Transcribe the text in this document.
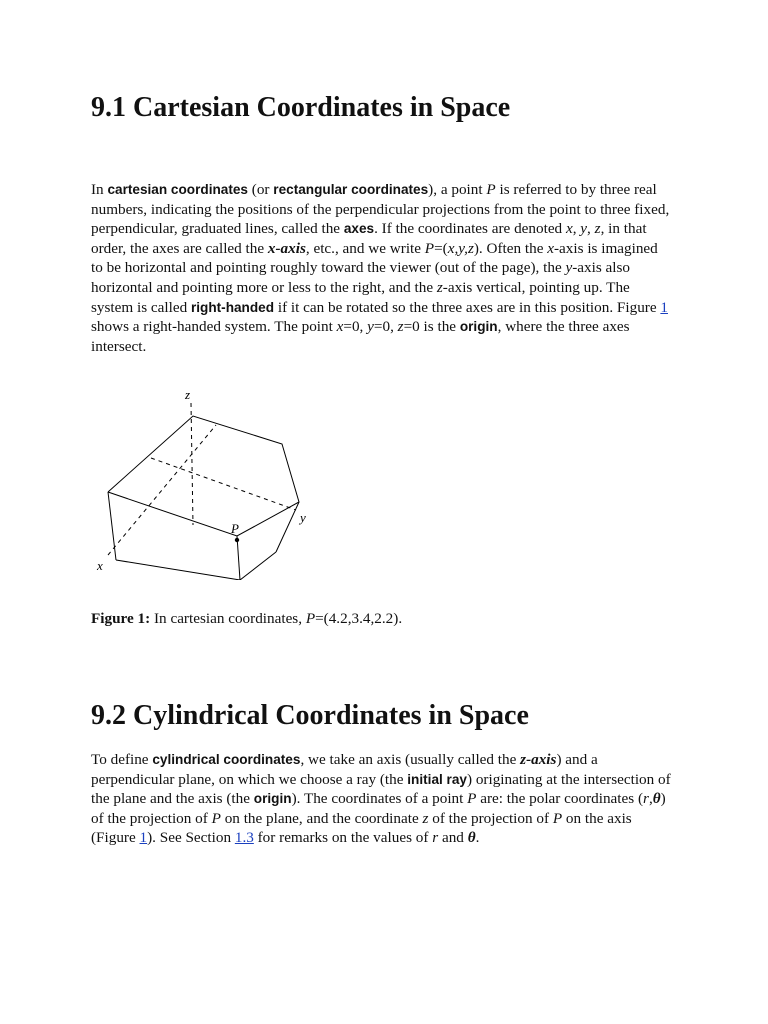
9.1 Cartesian Coordinates in Space

In cartesian coordinates (or rectangular coordinates), a point P is referred to by three real numbers, indicating the positions of the perpendicular projections from the point to three fixed, perpendicular, graduated lines, called the axes. If the coordinates are denoted x, y, z, in that order, the axes are called the x-axis, etc., and we write P=(x,y,z). Often the x-axis is imagined to be horizontal and pointing roughly toward the viewer (out of the page), the y-axis also horizontal and pointing more or less to the right, and the z-axis vertical, pointing up. The system is called right-handed if it can be rotated so the three axes are in this position. Figure 1 shows a right-handed system. The point x=0, y=0, z=0 is the origin, where the three axes intersect.

z
y
x
P
Figure 1: In cartesian coordinates, P=(4.2,3.4,2.2).
9.2 Cylindrical Coordinates in Space

To define cylindrical coordinates, we take an axis (usually called the z-axis) and a perpendicular plane, on which we choose a ray (the initial ray) originating at the intersection of the plane and the axis (the origin). The coordinates of a point P are: the polar coordinates (r,θ) of the projection of P on the plane, and the coordinate z of the projection of P on the axis (Figure 1). See Section 1.3 for remarks on the values of r and θ.
